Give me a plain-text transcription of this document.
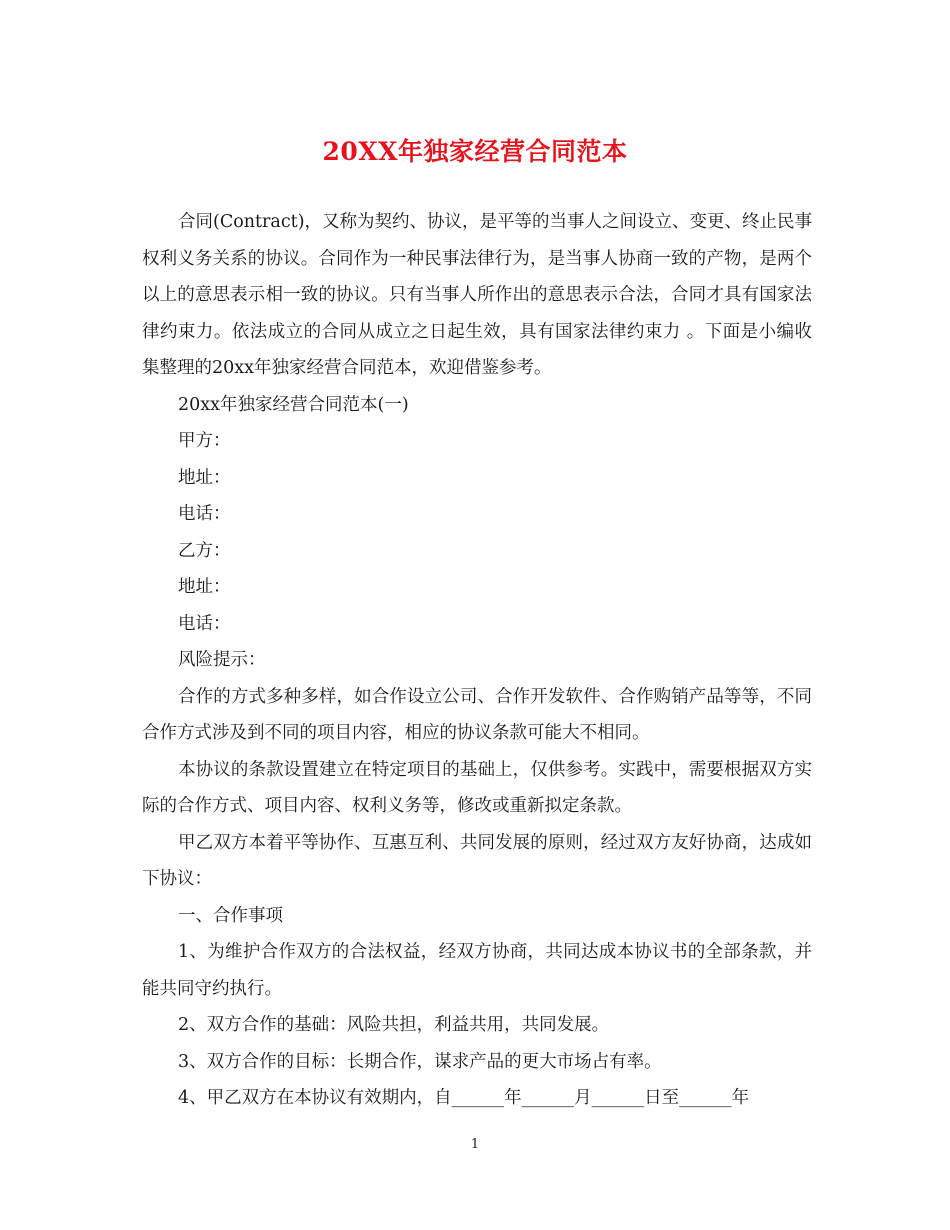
20XX年独家经营合同范本

合同(Contract)，又称为契约、协议，是平等的当事人之间设立、变更、终止民事权利义务关系的协议。合同作为一种民事法律行为，是当事人协商一致的产物，是两个以上的意思表示相一致的协议。只有当事人所作出的意思表示合法，合同才具有国家法律约束力。依法成立的合同从成立之日起生效，具有国家法律约束力 。下面是小编收集整理的20xx年独家经营合同范本，欢迎借鉴参考。

20xx年独家经营合同范本(一)

甲方：

地址：

电话：

乙方：

地址：

电话：

风险提示：

合作的方式多种多样，如合作设立公司、合作开发软件、合作购销产品等等，不同合作方式涉及到不同的项目内容，相应的协议条款可能大不相同。

本协议的条款设置建立在特定项目的基础上，仅供参考。实践中，需要根据双方实际的合作方式、项目内容、权利义务等，修改或重新拟定条款。

甲乙双方本着平等协作、互惠互利、共同发展的原则，经过双方友好协商，达成如下协议：

一、合作事项

1、为维护合作双方的合法权益，经双方协商，共同达成本协议书的全部条款，并能共同守约执行。

2、双方合作的基础：风险共担，利益共用，共同发展。

3、双方合作的目标：长期合作，谋求产品的更大市场占有率。

4、甲乙双方在本协议有效期内，自______年______月______日至______年

1
